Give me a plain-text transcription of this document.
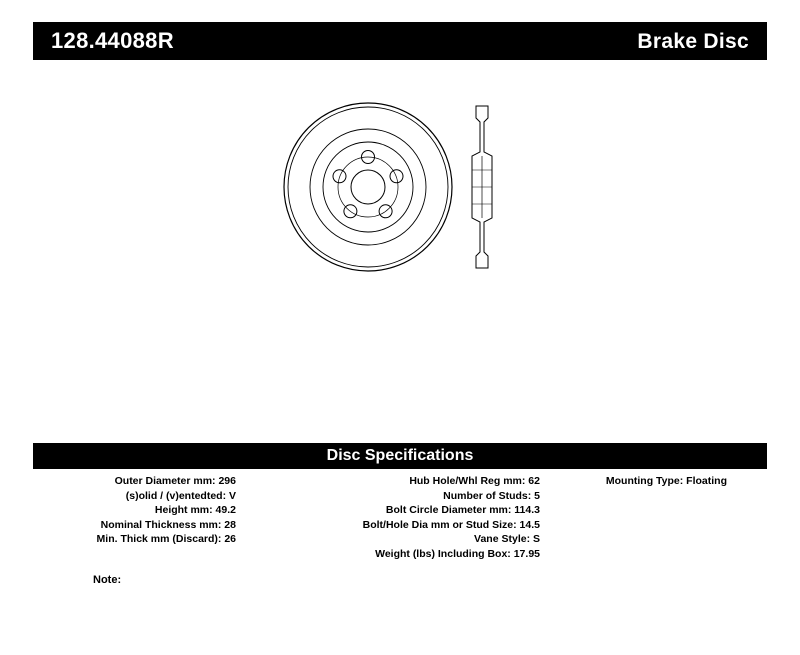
128.44088R	Brake Disc
Disc Specifications
Outer Diameter mm: 296
(s)olid / (v)entedted: V
Height mm: 49.2
Nominal Thickness mm: 28
Min. Thick mm (Discard): 26
Hub Hole/Whl Reg mm: 62
Number of Studs: 5
Bolt Circle Diameter mm: 114.3
Bolt/Hole Dia mm or Stud Size: 14.5
Vane Style: S
Weight (lbs) Including Box: 17.95
Mounting Type: Floating
Note:
